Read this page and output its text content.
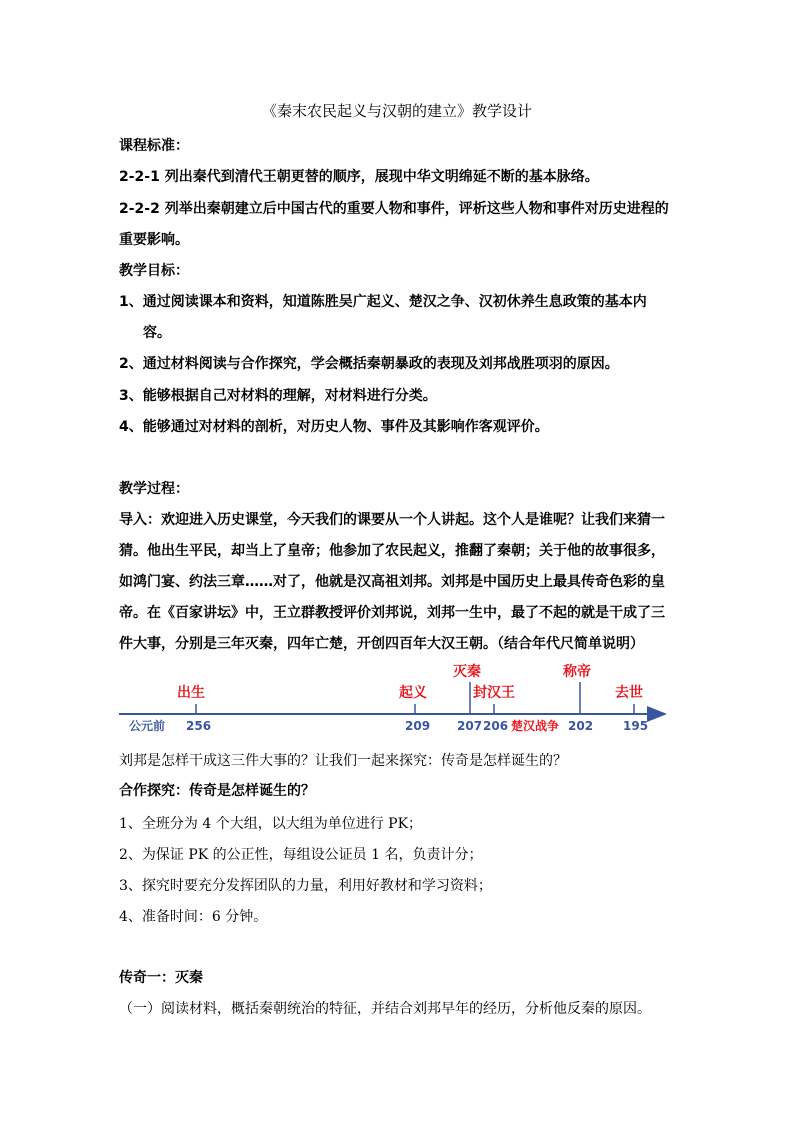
《秦末农民起义与汉朝的建立》教学设计
课程标准：
2-2-1 列出秦代到清代王朝更替的顺序，展现中华文明绵延不断的基本脉络。
2-2-2 列举出秦朝建立后中国古代的重要人物和事件，评析这些人物和事件对历史进程的
重要影响。
教学目标：
1、通过阅读课本和资料，知道陈胜吴广起义、楚汉之争、汉初休养生息政策的基本内
容。
2、通过材料阅读与合作探究，学会概括秦朝暴政的表现及刘邦战胜项羽的原因。
3、能够根据自己对材料的理解，对材料进行分类。
4、能够通过对材料的剖析，对历史人物、事件及其影响作客观评价。
教学过程：
导入：欢迎进入历史课堂，今天我们的课要从一个人讲起。这个人是谁呢？让我们来猜一
猜。他出生平民，却当上了皇帝；他参加了农民起义，推翻了秦朝；关于他的故事很多，
如鸿门宴、约法三章……对了，他就是汉高祖刘邦。刘邦是中国历史上最具传奇色彩的皇
帝。在《百家讲坛》中，王立群教授评价刘邦说，刘邦一生中，最了不起的就是干成了三
件大事，分别是三年灭秦，四年亡楚，开创四百年大汉王朝。（结合年代尺简单说明）
公元前 256
出生
209
起义
207
灭秦
206
封汉王
楚汉战争 202
称帝
195
去世
刘邦是怎样干成这三件大事的？让我们一起来探究：传奇是怎样诞生的？
合作探究：传奇是怎样诞生的？
1、全班分为 4 个大组，以大组为单位进行 PK；
2、为保证 PK 的公正性，每组设公证员 1 名，负责计分；
3、探究时要充分发挥团队的力量，利用好教材和学习资料；
4、准备时间：6 分钟。
传奇一：灭秦
（一）阅读材料，概括秦朝统治的特征，并结合刘邦早年的经历，分析他反秦的原因。
